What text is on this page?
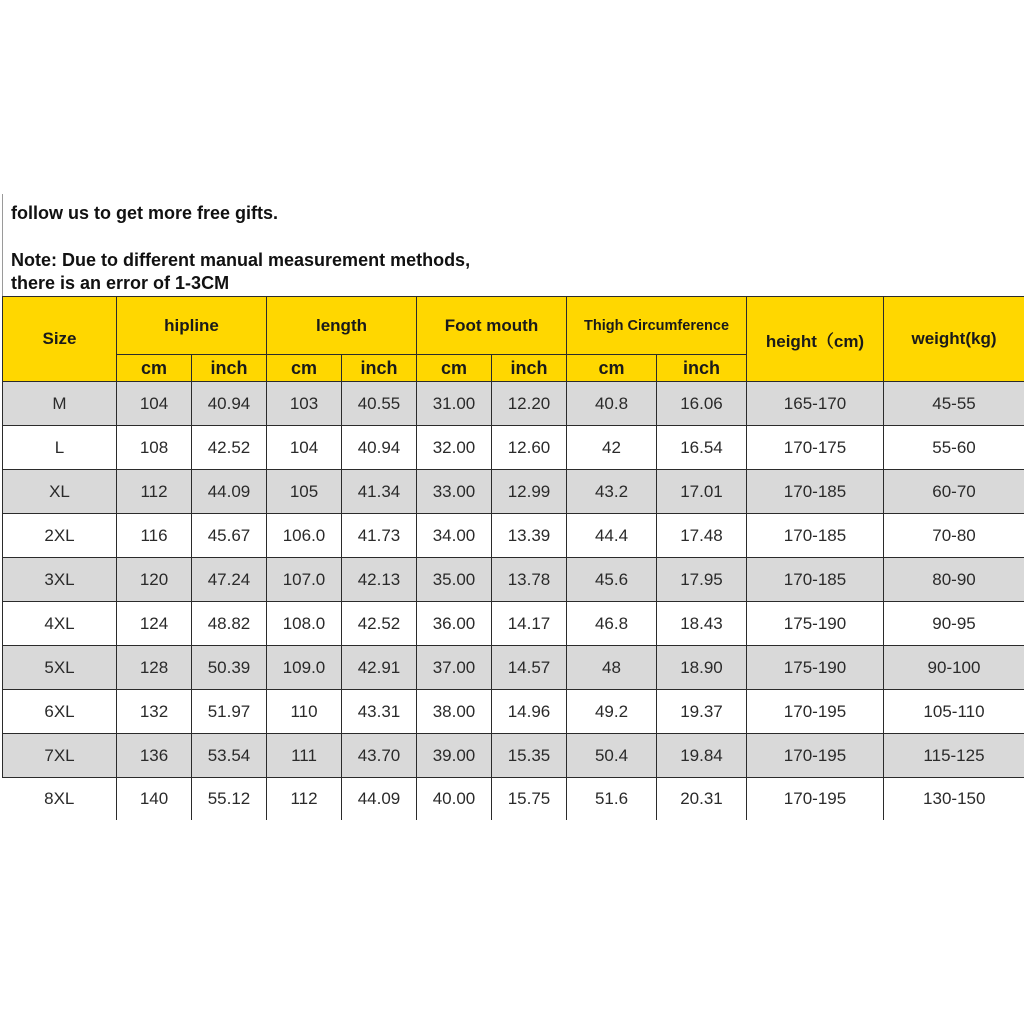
follow us to get more free gifts.
Note: Due to different manual measurement methods,
there is an error of 1-3CM
Size	hipline		length		Foot mouth		Thigh Circumference		height（cm)	weight(kg)
	cm	inch	cm	inch	cm	inch	cm	inch		
M	104	40.94	103	40.55	31.00	12.20	40.8	16.06	165-170	45-55
L	108	42.52	104	40.94	32.00	12.60	42	16.54	170-175	55-60
XL	112	44.09	105	41.34	33.00	12.99	43.2	17.01	170-185	60-70
2XL	116	45.67	106.0	41.73	34.00	13.39	44.4	17.48	170-185	70-80
3XL	120	47.24	107.0	42.13	35.00	13.78	45.6	17.95	170-185	80-90
4XL	124	48.82	108.0	42.52	36.00	14.17	46.8	18.43	175-190	90-95
5XL	128	50.39	109.0	42.91	37.00	14.57	48	18.90	175-190	90-100
6XL	132	51.97	110	43.31	38.00	14.96	49.2	19.37	170-195	105-110
7XL	136	53.54	111	43.70	39.00	15.35	50.4	19.84	170-195	115-125
8XL	140	55.12	112	44.09	40.00	15.75	51.6	20.31	170-195	130-150
